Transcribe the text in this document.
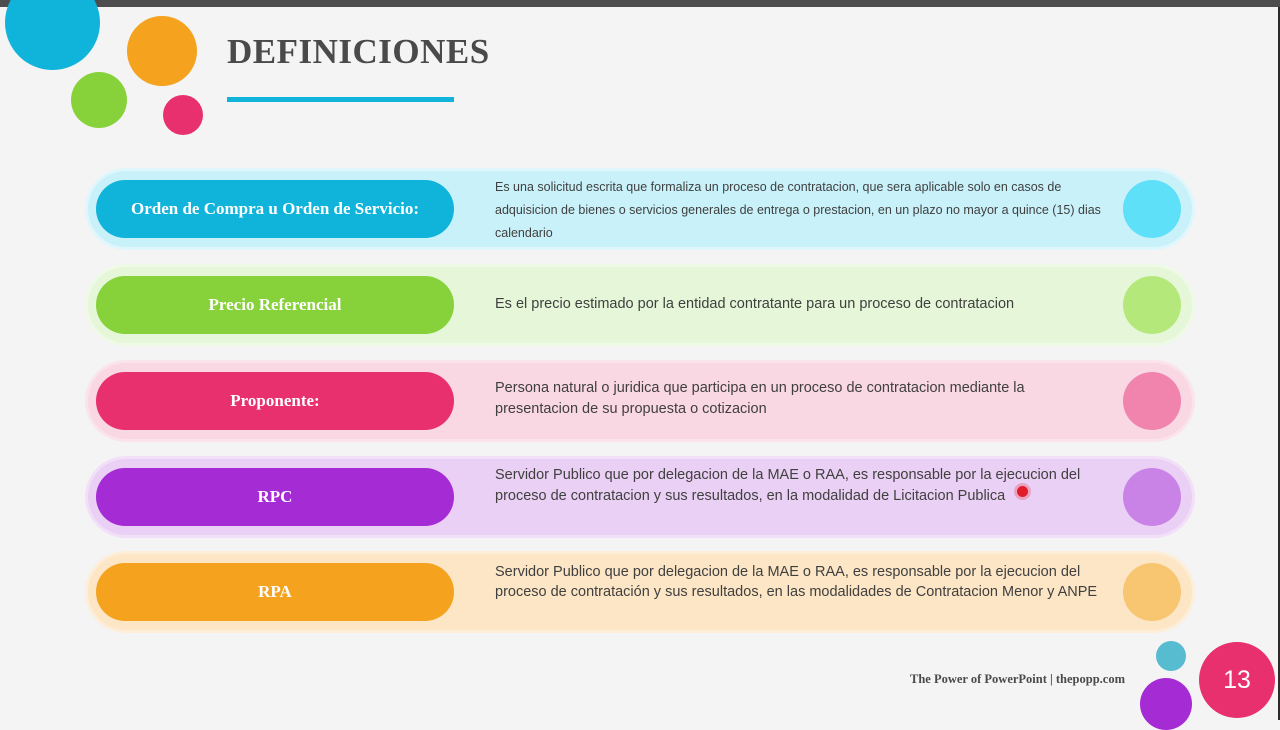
DEFINICIONES
Orden de Compra u Orden de Servicio:
Es una solicitud escrita que formaliza un proceso de contratacion, que sera aplicable solo en casos de adquisicion de bienes o servicios generales de entrega o prestacion, en un plazo no mayor a quince (15) dias calendario
Precio Referencial	Es el precio estimado por la entidad contratante para un proceso de contratacion
Proponente:
Persona natural o juridica que participa en un proceso de contratacion mediante la presentacion de su propuesta o cotizacion
RPC
Servidor Publico que por delegacion de la MAE o RAA, es responsable por la ejecucion del proceso de contratacion y sus resultados, en la modalidad de Licitacion Publica
RPA
Servidor Publico que por delegacion de la MAE o RAA, es responsable por la ejecucion del proceso de contratación y sus resultados, en las modalidades de Contratacion Menor y ANPE
The Power of PowerPoint | thepopp.com	13
